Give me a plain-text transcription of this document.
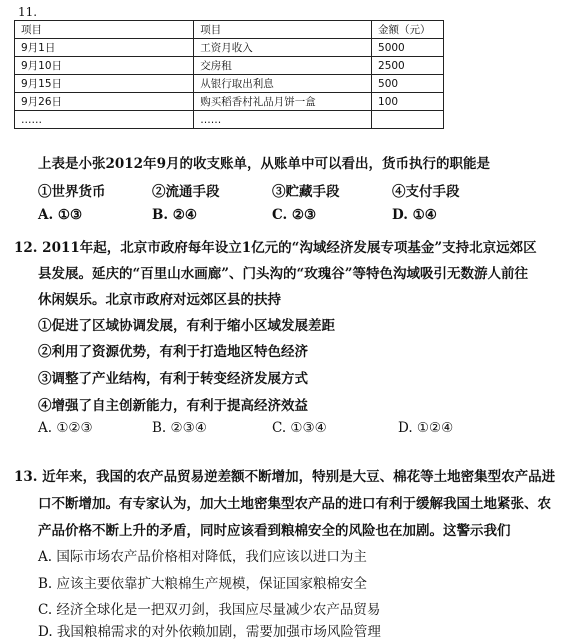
11.
项目	项目	金额（元）
9月1日	工资月收入	5000
9月10日	交房租	2500
9月15日	从银行取出利息	500
9月26日	购买稻香村礼品月饼一盒	100
……	……	
上表是小张2012年9月的收支账单，从账单中可以看出，货币执行的职能是
①世界货币	②流通手段	③贮藏手段	④支付手段
A. ①③	B. ②④	C. ②③	D. ①④
12. 2011年起，北京市政府每年设立1亿元的“沟域经济发展专项基金”支持北京远郊区
县发展。延庆的“百里山水画廊”、门头沟的“玫瑰谷”等特色沟域吸引无数游人前往
休闲娱乐。北京市政府对远郊区县的扶持
①促进了区域协调发展，有利于缩小区域发展差距
②利用了资源优势，有利于打造地区特色经济
③调整了产业结构，有利于转变经济发展方式
④增强了自主创新能力，有利于提高经济效益
A. ①②③	B. ②③④	C. ①③④	D. ①②④
13. 近年来，我国的农产品贸易逆差额不断增加，特别是大豆、棉花等土地密集型农产品进
口不断增加。有专家认为，加大土地密集型农产品的进口有利于缓解我国土地紧张、农
产品价格不断上升的矛盾，同时应该看到粮棉安全的风险也在加剧。这警示我们
A. 国际市场农产品价格相对降低，我们应该以进口为主
B. 应该主要依靠扩大粮棉生产规模，保证国家粮棉安全
C. 经济全球化是一把双刃剑，我国应尽量减少农产品贸易
D. 我国粮棉需求的对外依赖加剧，需要加强市场风险管理
